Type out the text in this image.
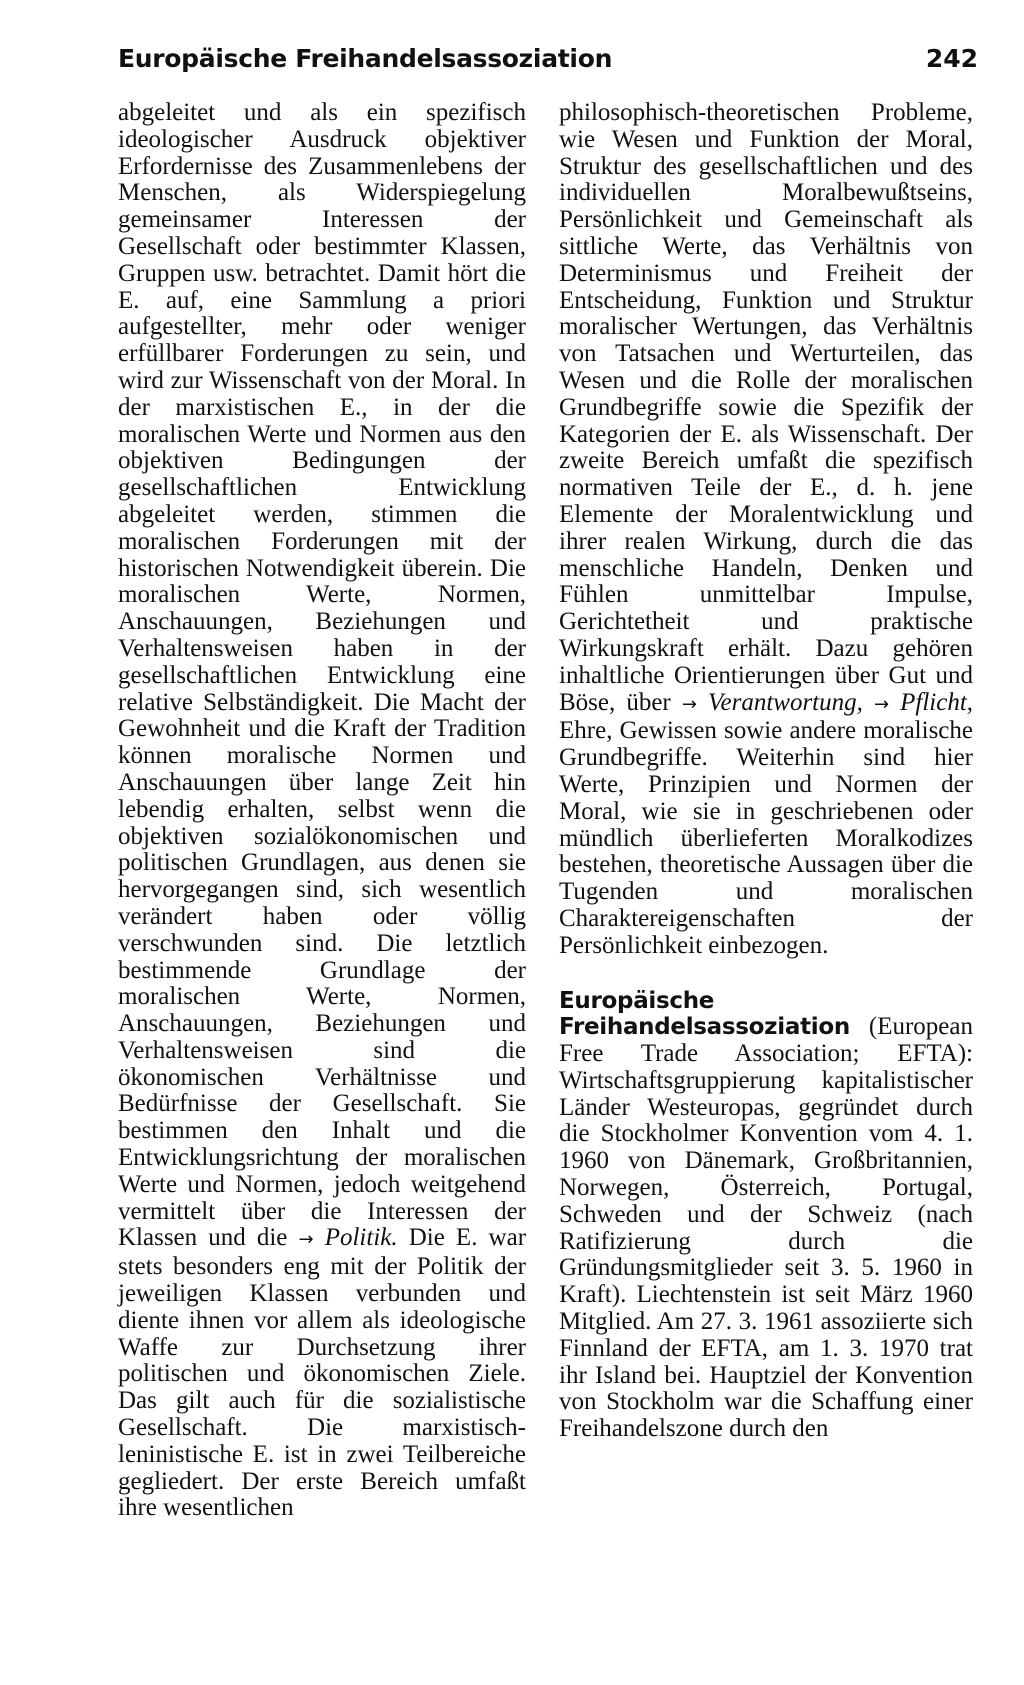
Europäische Freihandelsassoziation	242

abgeleitet und als ein spezifisch ideologischer Ausdruck objektiver Erfordernisse des Zusammenlebens der Menschen, als Widerspiegelung gemeinsamer Interessen der Gesellschaft oder bestimmter Klassen, Gruppen usw. betrachtet. Damit hört die E. auf, eine Sammlung a priori aufgestellter, mehr oder weniger erfüllbarer Forderungen zu sein, und wird zur Wissenschaft von der Moral. In der marxistischen E., in der die moralischen Werte und Normen aus den objektiven Bedingungen der gesellschaftlichen Entwicklung abgeleitet werden, stimmen die moralischen Forderungen mit der historischen Notwendigkeit überein. Die moralischen Werte, Normen, Anschauungen, Beziehungen und Verhaltensweisen haben in der gesellschaftlichen Entwicklung eine relative Selbständigkeit. Die Macht der Gewohnheit und die Kraft der Tradition können moralische Normen und Anschauungen über lange Zeit hin lebendig erhalten, selbst wenn die objektiven sozialökonomischen und politischen Grundlagen, aus denen sie hervorgegangen sind, sich wesentlich verändert haben oder völlig verschwunden sind. Die letztlich bestimmende Grundlage der moralischen Werte, Normen, Anschauungen, Beziehungen und Verhaltensweisen sind die ökonomischen Verhältnisse und Bedürfnisse der Gesellschaft. Sie bestimmen den Inhalt und die Entwicklungsrichtung der moralischen Werte und Normen, jedoch weitgehend vermittelt über die Interessen der Klassen und die → Politik. Die E. war stets besonders eng mit der Politik der jeweiligen Klassen verbunden und diente ihnen vor allem als ideologische Waffe zur Durchsetzung ihrer politischen und ökonomischen Ziele. Das gilt auch für die sozialistische Gesellschaft. Die marxistisch-leninistische E. ist in zwei Teilbereiche gegliedert. Der erste Bereich umfaßt ihre wesentlichen

philosophisch-theoretischen Probleme, wie Wesen und Funktion der Moral, Struktur des gesellschaftlichen und des individuellen Moralbewußtseins, Persönlichkeit und Gemeinschaft als sittliche Werte, das Verhältnis von Determinismus und Freiheit der Entscheidung, Funktion und Struktur moralischer Wertungen, das Verhältnis von Tatsachen und Werturteilen, das Wesen und die Rolle der moralischen Grundbegriffe sowie die Spezifik der Kategorien der E. als Wissenschaft. Der zweite Bereich umfaßt die spezifisch normativen Teile der E., d. h. jene Elemente der Moralentwicklung und ihrer realen Wirkung, durch die das menschliche Handeln, Denken und Fühlen unmittelbar Impulse, Gerichtetheit und praktische Wirkungskraft erhält. Dazu gehören inhaltliche Orientierungen über Gut und Böse, über → Verantwortung, → Pflicht, Ehre, Gewissen sowie andere moralische Grundbegriffe. Weiterhin sind hier Werte, Prinzipien und Normen der Moral, wie sie in geschriebenen oder mündlich überlieferten Moralkodizes bestehen, theoretische Aussagen über die Tugenden und moralischen Charaktereigenschaften der Persönlichkeit einbezogen.

Europäische Freihandelsassoziation (European Free Trade Association; EFTA): Wirtschaftsgruppierung kapitalistischer Länder Westeuropas, gegründet durch die Stockholmer Konvention vom 4. 1. 1960 von Dänemark, Großbritannien, Norwegen, Österreich, Portugal, Schweden und der Schweiz (nach Ratifizierung durch die Gründungsmitglieder seit 3. 5. 1960 in Kraft). Liechtenstein ist seit März 1960 Mitglied. Am 27. 3. 1961 assoziierte sich Finnland der EFTA, am 1. 3. 1970 trat ihr Island bei. Hauptziel der Konvention von Stockholm war die Schaffung einer Freihandelszone durch den
